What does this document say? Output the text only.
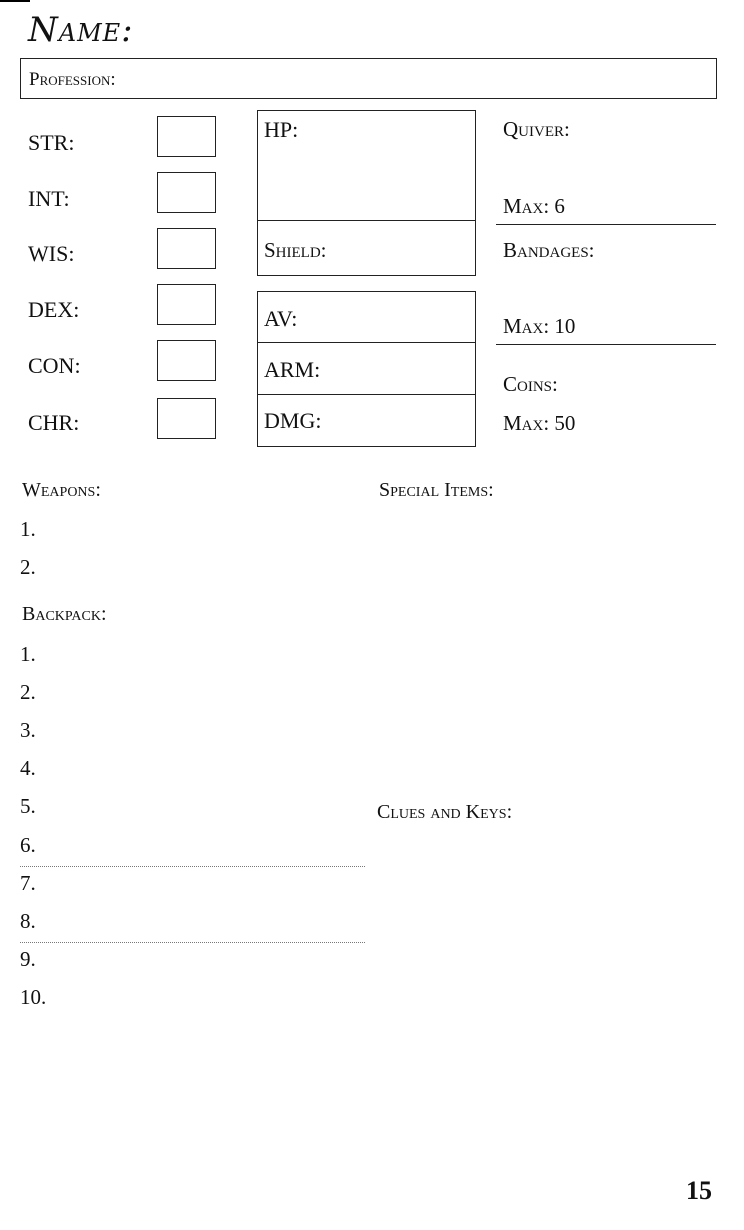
Name:
Profession:
STR:
INT:
WIS:
DEX:
CON:
CHR:
HP:
Shield:
AV:
ARM:
DMG:
Quiver:
Max: 6
Bandages:
Max: 10
Coins:
Max: 50
Weapons:
1.
2.
Special Items:
Backpack:
1.
2.
3.
4.
5.
6.
7.
8.
9.
10.
Clues and Keys:
15
